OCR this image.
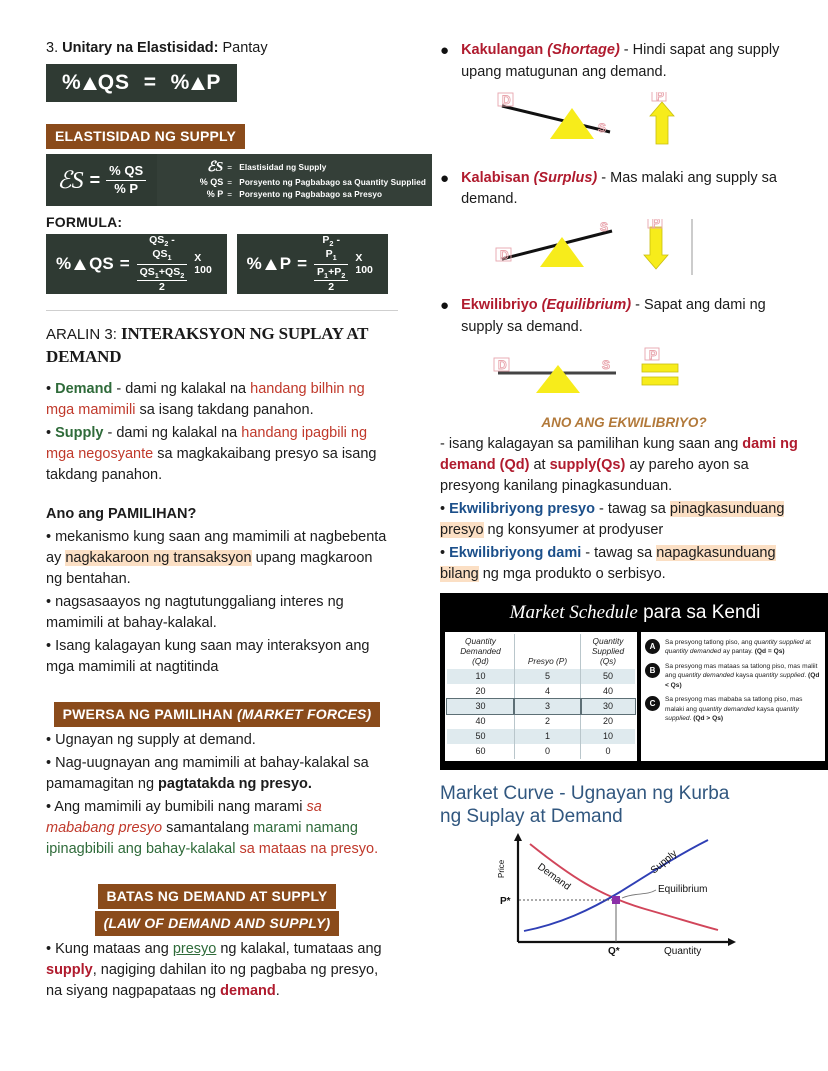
3. Unitary na Elastisidad: Pantay
% QS = % P
ELASTISIDAD NG SUPPLY
ℰS = $\frac{\% QS}{\% P}$	ℰS = Elastisidad ng Supply
% QS = Porsyento ng Pagbabago sa Quantity Supplied
% P = Porsyento ng Pagbabago sa Presyo
FORMULA:
% QS = $\frac{QS_2 - QS_1}{\frac{QS_1+QS_2}{2}}$ X 100 % $P = \frac{P_2 - P_1}{\frac{P_1+P_2}{2}}$ X 100
ARALIN 3: INTERAKSYON NG SUPLAY AT DEMAND
• Demand - dami ng kalakal na handang bilhin ng mga mamimili sa isang takdang panahon.
• Supply - dami ng kalakal na handang ipagbili ng mga negosyante sa magkakaibang presyo sa isang takdang panahon.
Ano ang PAMILIHAN?
• mekanismo kung saan ang mamimili at nagbebenta ay nagkakaroon ng transaksyon upang magkaroon ng bentahan.
• nagsasaayos ng nagtutunggaliang interes ng mamimili at bahay-kalakal.
• Isang kalagayan kung saan may interaksyon ang mga mamimili at nagtitinda
PWERSA NG PAMILIHAN (MARKET FORCES)
• Ugnayan ng supply at demand.
• Nag-uugnayan ang mamimili at bahay-kalakal sa pamamagitan ng pagtatakda ng presyo.
• Ang mamimili ay bumibili nang marami sa mababang presyo samantalang marami namang ipinagbibili ang bahay-kalakal sa mataas na presyo.
BATAS NG DEMAND AT SUPPLY
(LAW OF DEMAND AND SUPPLY)
• Kung mataas ang presyo ng kalakal, tumataas ang supply, nagiging dahilan ito ng pagbaba ng presyo, na siyang nagpapataas ng demand.
● Kakulangan (Shortage) - Hindi sapat ang supply upang matugunan ang demand.
D
S
P
● Kalabisan (Surplus) - Mas malaki ang supply sa demand.
D
S	P
● Ekwilibriyo (Equilibrium) - Sapat ang dami ng supply sa demand.
D	S
P
ANO ANG EKWILIBRIYO?
- isang kalagayan sa pamilihan kung saan ang dami ng demand (Qd) at supply(Qs) ay pareho ayon sa presyong kanilang pinagkasunduan.
• Ekwilibriyong presyo - tawag sa pinagkasunduang presyo ng konsyumer at prodyuser
• Ekwilibriyong dami - tawag sa napagkasunduang bilang ng mga produkto o serbisyo.
Market Schedule para sa Kendi
Quantity
Demanded
(Qd)	Presyo (P)	Quantity
Supplied
(Qs)

10	5	50
20	4	40
30	3	30
40	2	20
50	1	10
60	0	0
A	Sa presyong tatlong piso, ang quantity supplied at quantity demanded ay pantay. (Qd = Qs)
B	Sa presyong mas mataas sa tatlong piso, mas maliit ang quantity demanded kaysa quantity supplied. (Qd < Qs)
C	Sa presyong mas mababa sa tatlong piso, mas malaki ang quantity demanded kaysa quantity supplied. (Qd > Qs)
Market Curve - Ugnayan ng Kurba
ng Suplay at Demand
Price	Demand	Supply
Equilibrium
P*
Q*	Quantity
